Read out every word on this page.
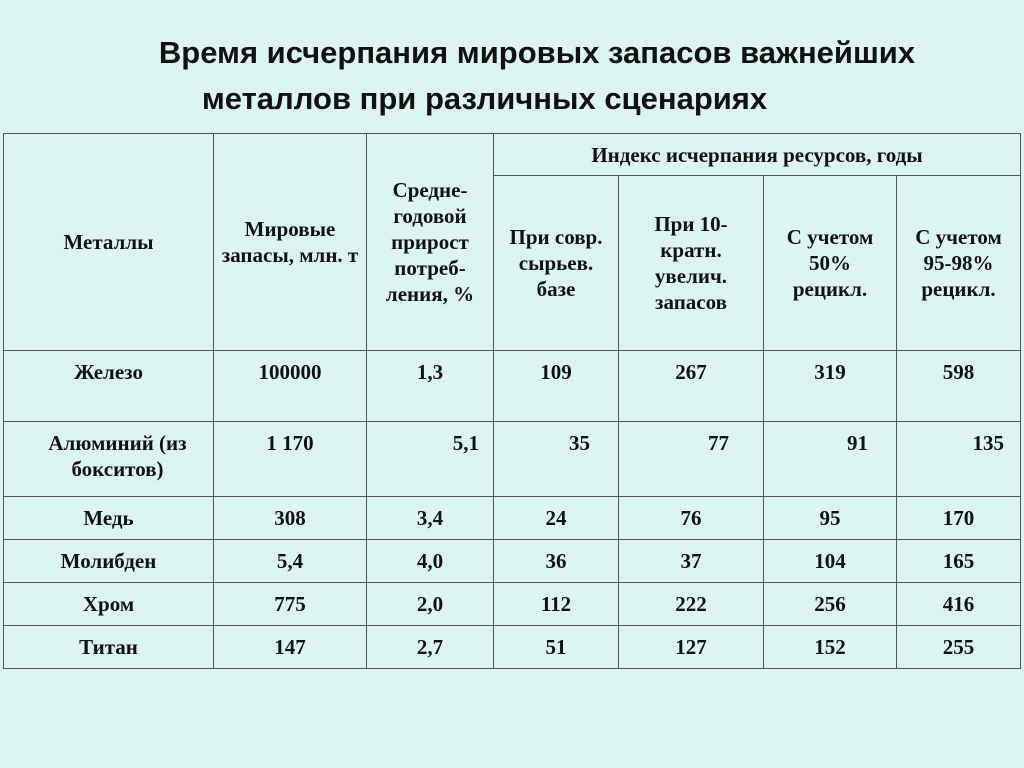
Время исчерпания мировых запасов важнейших
металлов при различных сценариях
Металлы	Мировые запасы, млн. т	Средне-годовой прирост потреб-ления, %	Индекс исчерпания ресурсов, годы			
			При совр. сырьев. базе	При 10-кратн. увелич. запасов	С учетом 50% рецикл.	С учетом 95-98% рецикл.
Железо	100000	1,3	109	267	319	598
Алюминий (из бокситов)	1 170	5,1	35	77	91	135
Медь	308	3,4	24	76	95	170
Молибден	5,4	4,0	36	37	104	165
Хром	775	2,0	112	222	256	416
Титан	147	2,7	51	127	152	255
